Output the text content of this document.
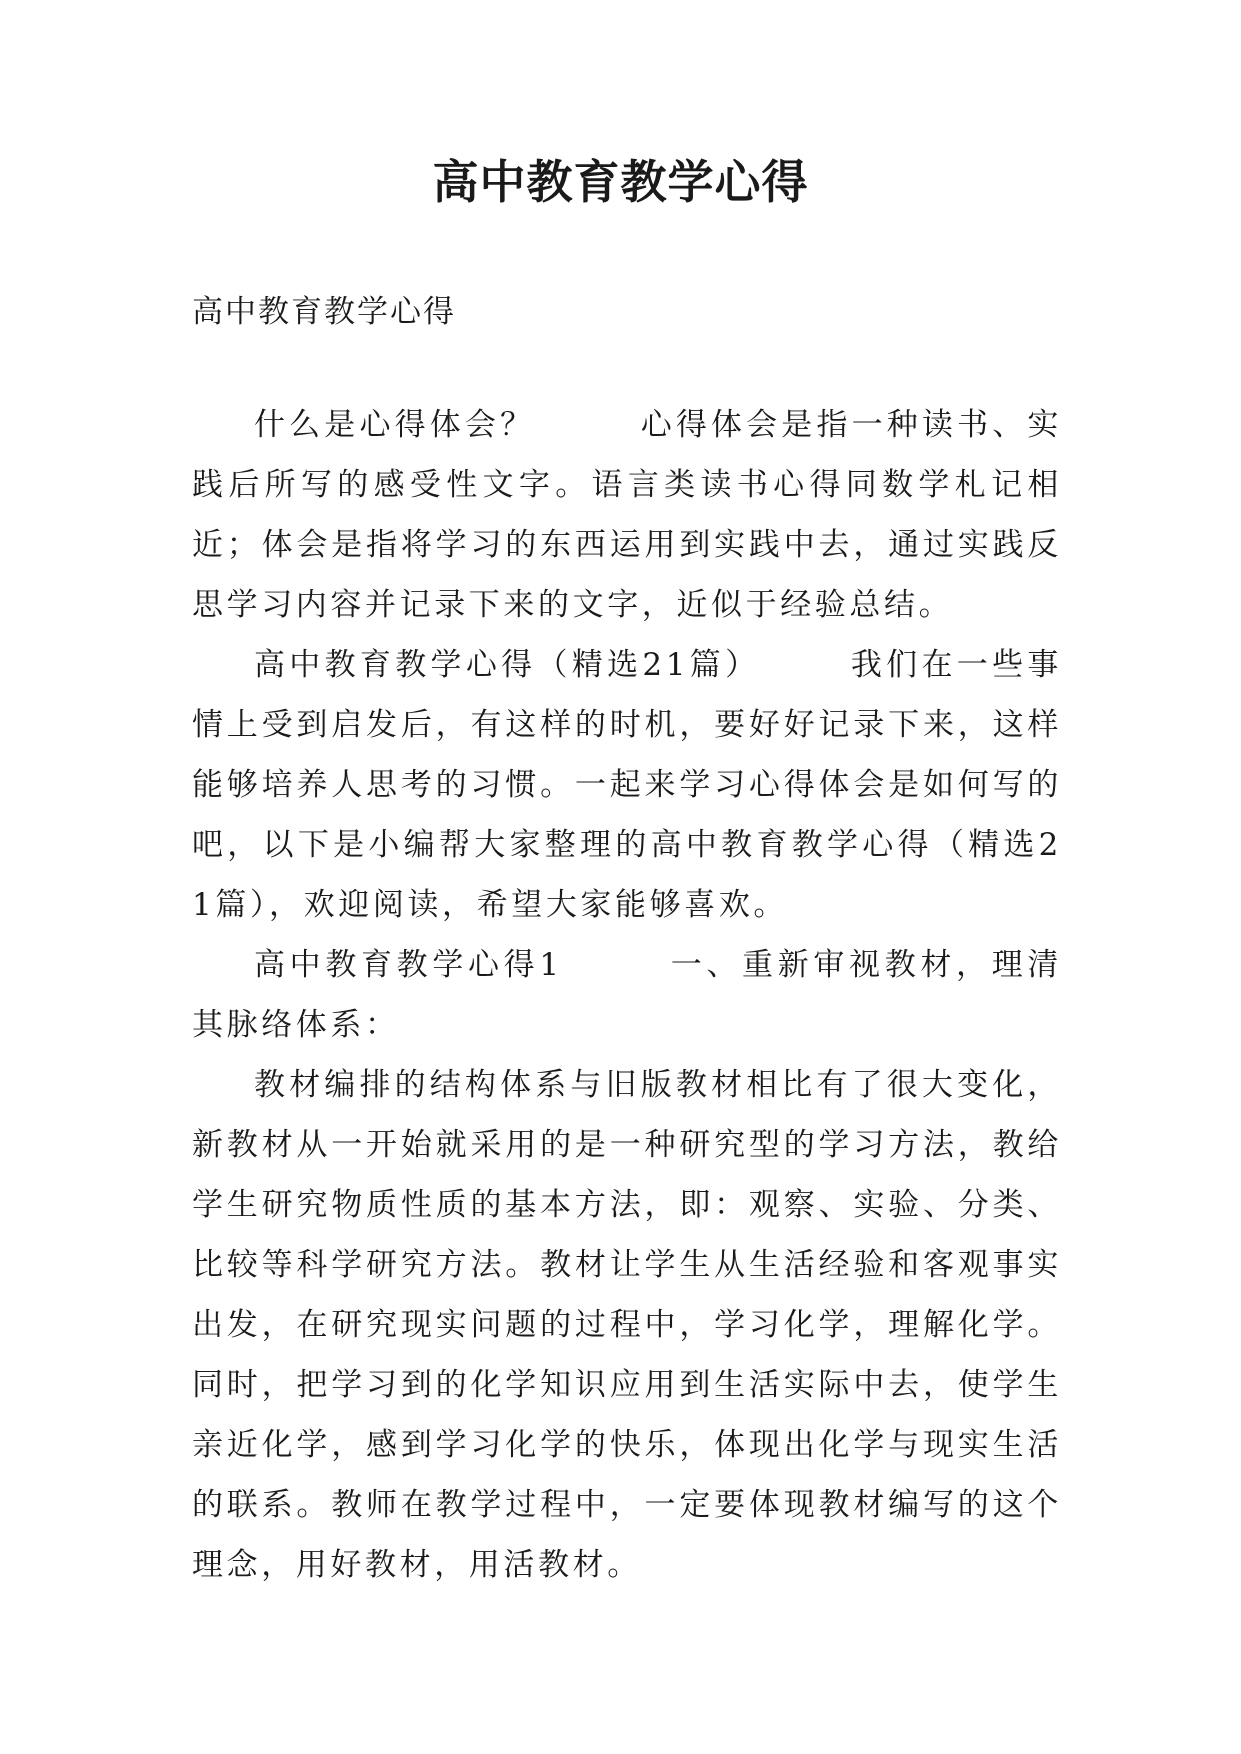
高中教育教学心得

高中教育教学心得

什么是心得体会？　　　心得体会是指一种读书、实践后所写的感受性文字。语言类读书心得同数学札记相近；体会是指将学习的东西运用到实践中去，通过实践反思学习内容并记录下来的文字，近似于经验总结。

高中教育教学心得（精选21篇）　　　我们在一些事情上受到启发后，有这样的时机，要好好记录下来，这样能够培养人思考的习惯。一起来学习心得体会是如何写的吧，以下是小编帮大家整理的高中教育教学心得（精选21篇），欢迎阅读，希望大家能够喜欢。

高中教育教学心得1　　　一、重新审视教材，理清其脉络体系：

教材编排的结构体系与旧版教材相比有了很大变化，新教材从一开始就采用的是一种研究型的学习方法，教给学生研究物质性质的基本方法，即：观察、实验、分类、比较等科学研究方法。教材让学生从生活经验和客观事实出发，在研究现实问题的过程中，学习化学，理解化学。同时，把学习到的化学知识应用到生活实际中去，使学生亲近化学，感到学习化学的快乐，体现出化学与现实生活的联系。教师在教学过程中，一定要体现教材编写的这个理念，用好教材，用活教材。
